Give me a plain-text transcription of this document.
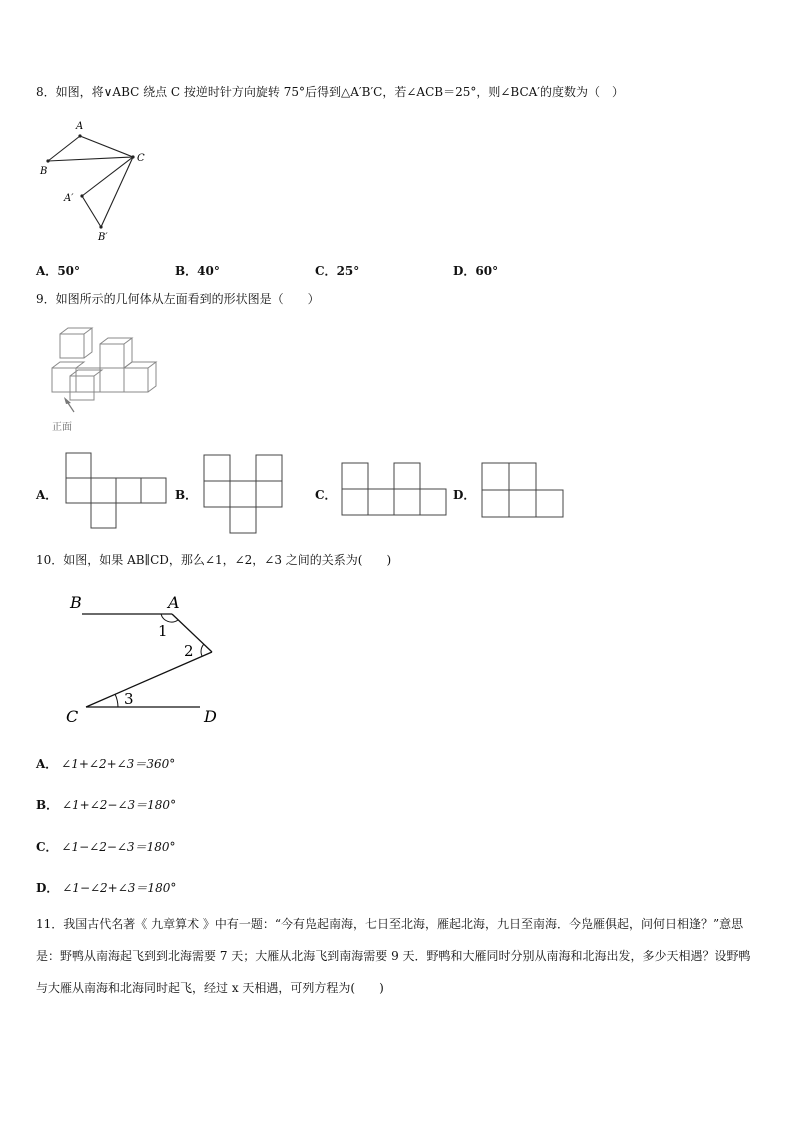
8．如图，将∨ABC 绕点 C 按逆时针方向旋转 75°后得到△A′B′C，若∠ACB＝25°，则∠BCA′的度数为（　）
A
B
C
A′
B′
A．50°	B．40°	C．25°	D．60°
9．如图所示的几何体从左面看到的形状图是（　　）
正面
A．	B．	C．	D．
10．如图，如果 AB∥CD，那么∠1，∠2，∠3 之间的关系为(　　)
B	A
C	D
1
2
3
A． ∠1+∠2+∠3＝360°
B． ∠1+∠2−∠3＝180°
C． ∠1−∠2−∠3＝180°
D． ∠1−∠2+∠3＝180°
11．我国古代名著《 九章算术 》中有一题：“今有凫起南海，七日至北海，雁起北海，九日至南海．今凫雁俱起，问何日相逢？”意思是：野鸭从南海起飞到到北海需要 7 天；大雁从北海飞到南海需要 9 天．野鸭和大雁同时分别从南海和北海出发，多少天相遇？设野鸭与大雁从南海和北海同时起飞，经过 x 天相遇，可列方程为(　　)
